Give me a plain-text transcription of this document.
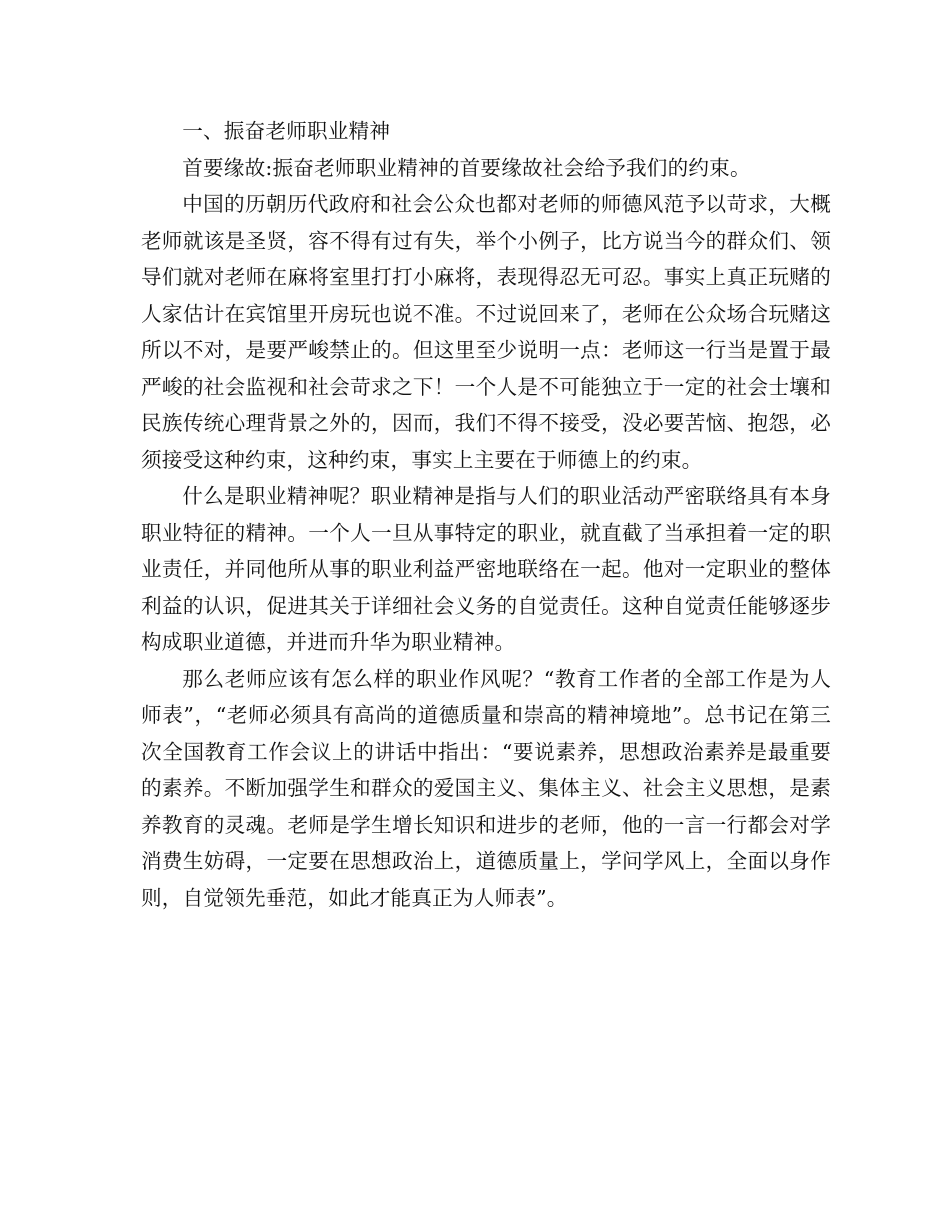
一、振奋老师职业精神

首要缘故:振奋老师职业精神的首要缘故社会给予我们的约束。

中国的历朝历代政府和社会公众也都对老师的师德风范予以苛求，大概老师就该是圣贤，容不得有过有失，举个小例子，比方说当今的群众们、领导们就对老师在麻将室里打打小麻将，表现得忍无可忍。事实上真正玩赌的人家估计在宾馆里开房玩也说不准。不过说回来了，老师在公众场合玩赌这所以不对，是要严峻禁止的。但这里至少说明一点：老师这一行当是置于最严峻的社会监视和社会苛求之下！一个人是不可能独立于一定的社会士壤和民族传统心理背景之外的，因而，我们不得不接受，没必要苦恼、抱怨，必须接受这种约束，这种约束，事实上主要在于师德上的约束。

什么是职业精神呢？职业精神是指与人们的职业活动严密联络具有本身职业特征的精神。一个人一旦从事特定的职业，就直截了当承担着一定的职业责任，并同他所从事的职业利益严密地联络在一起。他对一定职业的整体利益的认识，促进其关于详细社会义务的自觉责任。这种自觉责任能够逐步构成职业道德，并进而升华为职业精神。

那么老师应该有怎么样的职业作风呢？“教育工作者的全部工作是为人师表”，“老师必须具有高尚的道德质量和崇高的精神境地”。总书记在第三次全国教育工作会议上的讲话中指出：“要说素养，思想政治素养是最重要的素养。不断加强学生和群众的爱国主义、集体主义、社会主义思想，是素养教育的灵魂。老师是学生增长知识和进步的老师，他的一言一行都会对学消费生妨碍，一定要在思想政治上，道德质量上，学问学风上，全面以身作则，自觉领先垂范，如此才能真正为人师表”。
